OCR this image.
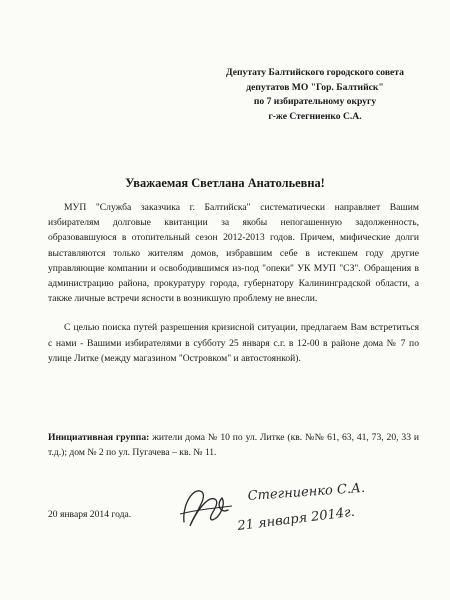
Депутату Балтийского городского совета
депутатов МО "Гор. Балтийск"
по 7 избирательному округу
г-же Стегниенко С.А.
Уважаемая Светлана Анатольевна!

МУП "Служба заказчика г. Балтийска" систематически направляет Вашим избирателям долговые квитанции за якобы непогашенную задолженность, образовавшуюся в отопительный сезон 2012-2013 годов. Причем, мифические долги выставляются только жителям домов, избравшим себе в истекшем году другие управляющие компании и освободившимся из-под "опеки" УК МУП "СЗ". Обращения в администрацию района, прокуратуру города, губернатору Калининградской области, а также личные встречи ясности в возникшую проблему не внесли.

С целью поиска путей разрешения кризисной ситуации, предлагаем Вам встретиться с нами - Вашими избирателями в субботу 25 января с.г. в 12-00 в районе дома № 7 по улице Литке (между магазином "Островком" и автостоянкой).

Инициативная группа: жители дома № 10 по ул. Литке (кв. №№ 61, 63, 41, 73, 20, 33 и т.д.); дом № 2 по ул. Пугачева – кв. № 11.
20 января 2014 года.
Стегниенко С.А.
21 января 2014г.
